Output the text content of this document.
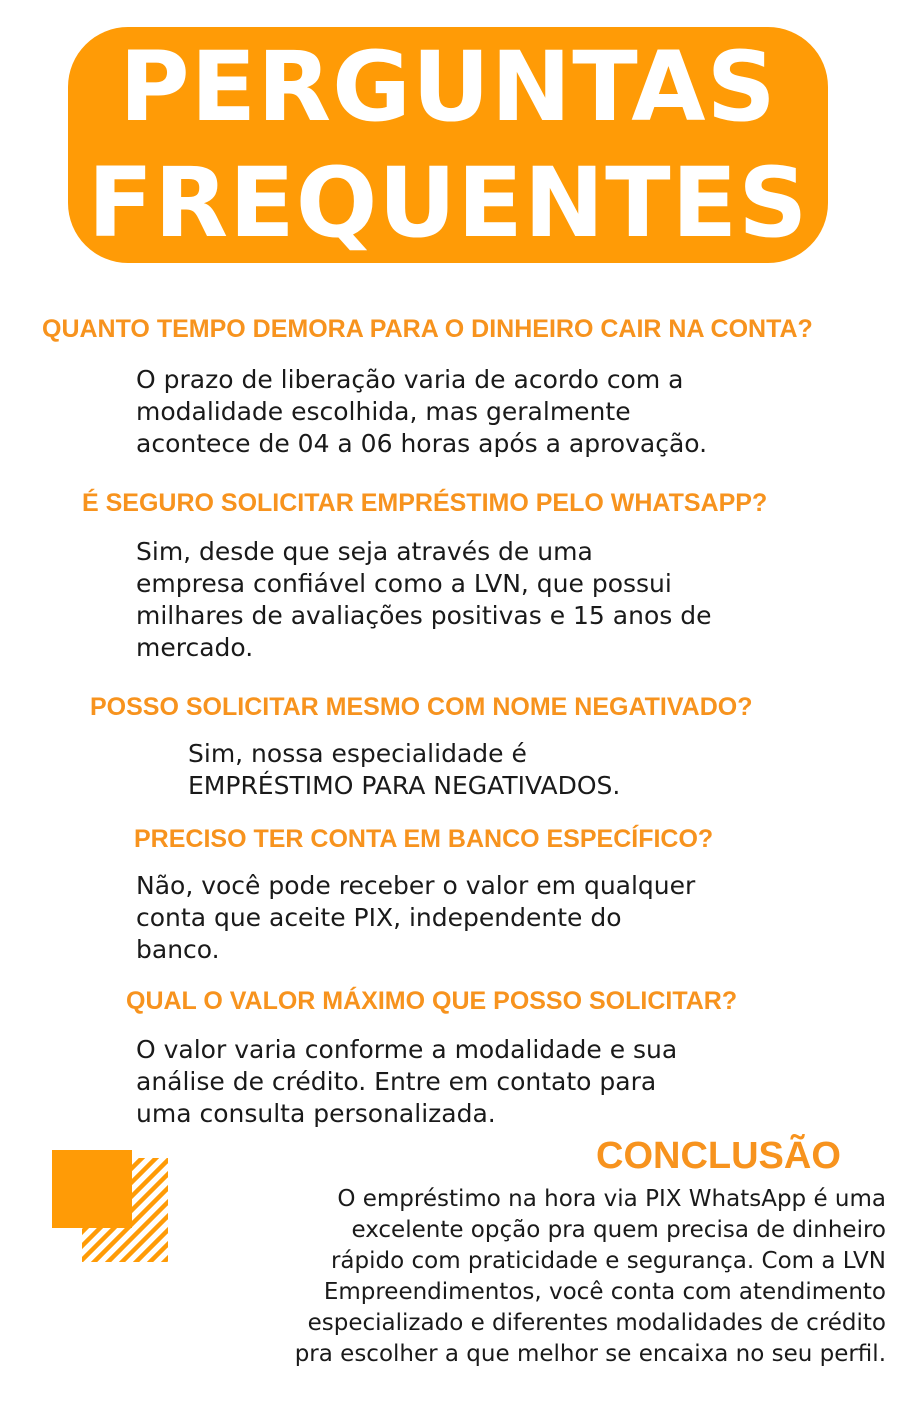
PERGUNTAS
FREQUENTES
QUANTO TEMPO DEMORA PARA O DINHEIRO CAIR NA CONTA?

O prazo de liberação varia de acordo com a
modalidade escolhida, mas geralmente
acontece de 04 a 06 horas após a aprovação.

É SEGURO SOLICITAR EMPRÉSTIMO PELO WHATSAPP?

Sim, desde que seja através de uma
empresa confiável como a LVN, que possui
milhares de avaliações positivas e 15 anos de
mercado.

POSSO SOLICITAR MESMO COM NOME NEGATIVADO?

Sim, nossa especialidade é
EMPRÉSTIMO PARA NEGATIVADOS.

PRECISO TER CONTA EM BANCO ESPECÍFICO?

Não, você pode receber o valor em qualquer
conta que aceite PIX, independente do
banco.

QUAL O VALOR MÁXIMO QUE POSSO SOLICITAR?

O valor varia conforme a modalidade e sua
análise de crédito. Entre em contato para
uma consulta personalizada.

CONCLUSÃO

O empréstimo na hora via PIX WhatsApp é uma
excelente opção pra quem precisa de dinheiro
rápido com praticidade e segurança. Com a LVN
Empreendimentos, você conta com atendimento
especializado e diferentes modalidades de crédito
pra escolher a que melhor se encaixa no seu perfil.
